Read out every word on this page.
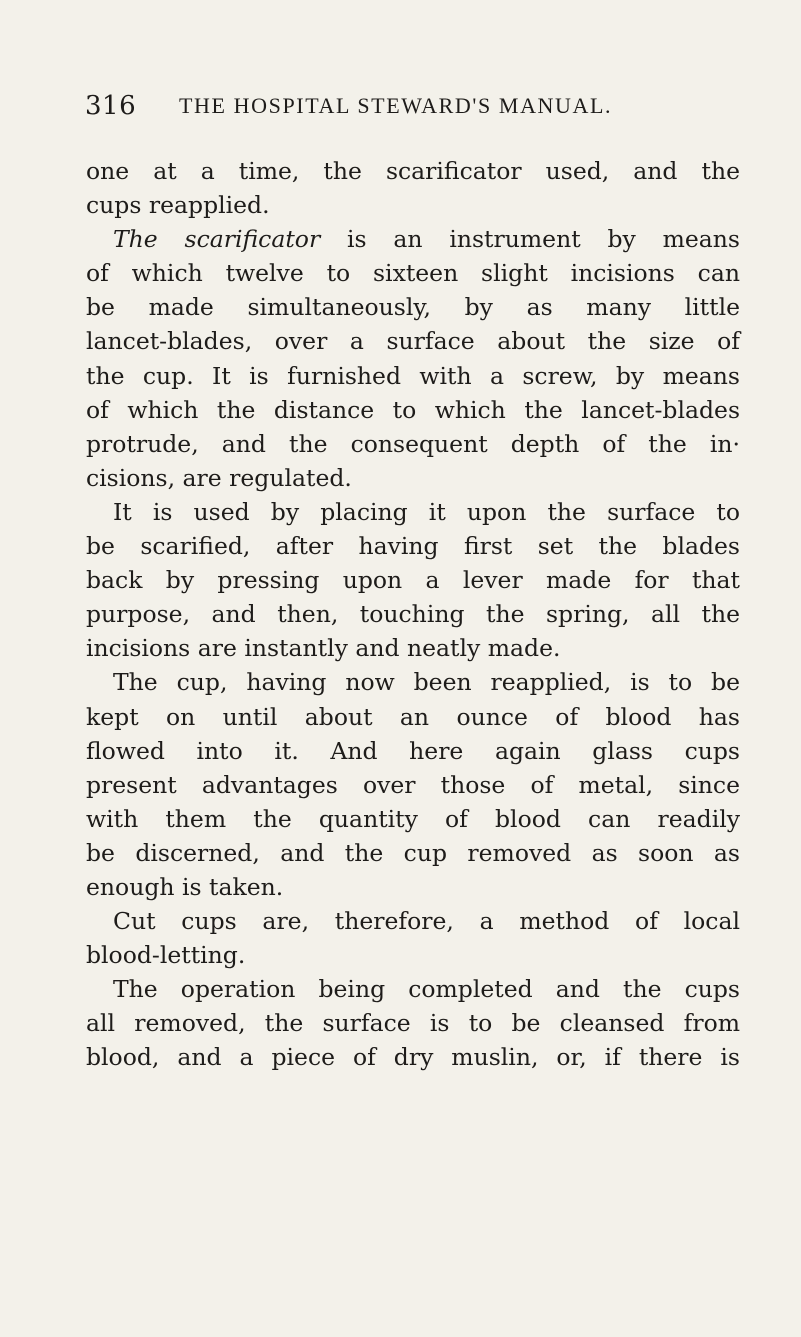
316 THE HOSPITAL STEWARD'S MANUAL.
one at a time, the scarificator used, and the
cups reapplied.
The scarificator is an instrument by means
of which twelve to sixteen slight incisions can
be made simultaneously, by as many little
lancet-blades, over a surface about the size of
the cup. It is furnished with a screw, by means
of which the distance to which the lancet-blades
protrude, and the consequent depth of the in·
cisions, are regulated.
It is used by placing it upon the surface to
be scarified, after having first set the blades
back by pressing upon a lever made for that
purpose, and then, touching the spring, all the
incisions are instantly and neatly made.
The cup, having now been reapplied, is to be
kept on until about an ounce of blood has
flowed into it. And here again glass cups
present advantages over those of metal, since
with them the quantity of blood can readily
be discerned, and the cup removed as soon as
enough is taken.
Cut cups are, therefore, a method of local
blood-letting.
The operation being completed and the cups
all removed, the surface is to be cleansed from
blood, and a piece of dry muslin, or, if there is
